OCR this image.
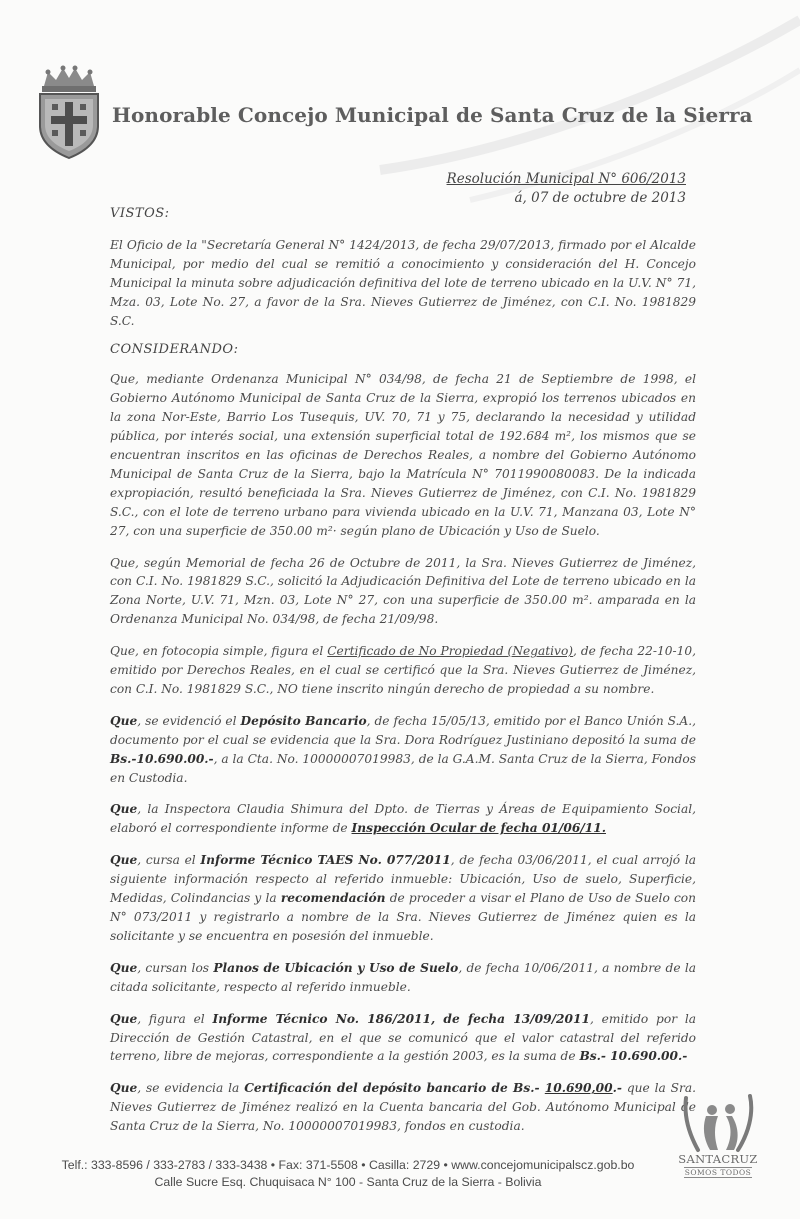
Honorable Concejo Municipal de Santa Cruz de la Sierra
Resolución Municipal N° 606/2013
á, 07 de octubre de 2013
VISTOS:

El Oficio de la "Secretaría General N° 1424/2013, de fecha 29/07/2013, firmado por el Alcalde Municipal, por medio del cual se remitió a conocimiento y consideración del H. Concejo Municipal la minuta sobre adjudicación definitiva del lote de terreno ubicado en la U.V. N° 71, Mza. 03, Lote No. 27, a favor de la Sra. Nieves Gutierrez de Jiménez, con C.I. No. 1981829 S.C.

CONSIDERANDO:

Que, mediante Ordenanza Municipal N° 034/98, de fecha 21 de Septiembre de 1998, el Gobierno Autónomo Municipal de Santa Cruz de la Sierra, expropió los terrenos ubicados en la zona Nor-Este, Barrio Los Tusequis, UV. 70, 71 y 75, declarando la necesidad y utilidad pública, por interés social, una extensión superficial total de 192.684 m², los mismos que se encuentran inscritos en las oficinas de Derechos Reales, a nombre del Gobierno Autónomo Municipal de Santa Cruz de la Sierra, bajo la Matrícula N° 7011990080083. De la indicada expropiación, resultó beneficiada la Sra. Nieves Gutierrez de Jiménez, con C.I. No. 1981829 S.C., con el lote de terreno urbano para vivienda ubicado en la U.V. 71, Manzana 03, Lote N° 27, con una superficie de 350.00 m²· según plano de Ubicación y Uso de Suelo.

Que, según Memorial de fecha 26 de Octubre de 2011, la Sra. Nieves Gutierrez de Jiménez, con C.I. No. 1981829 S.C., solicitó la Adjudicación Definitiva del Lote de terreno ubicado en la Zona Norte, U.V. 71, Mzn. 03, Lote N° 27, con una superficie de 350.00 m². amparada en la Ordenanza Municipal No. 034/98, de fecha 21/09/98.

Que, en fotocopia simple, figura el Certificado de No Propiedad (Negativo), de fecha 22-10-10, emitido por Derechos Reales, en el cual se certificó que la Sra. Nieves Gutierrez de Jiménez, con C.I. No. 1981829 S.C., NO tiene inscrito ningún derecho de propiedad a su nombre.

Que, se evidenció el Depósito Bancario, de fecha 15/05/13, emitido por el Banco Unión S.A., documento por el cual se evidencia que la Sra. Dora Rodríguez Justiniano depositó la suma de Bs.-10.690.00.-, a la Cta. No. 10000007019983, de la G.A.M. Santa Cruz de la Sierra, Fondos en Custodia.

Que, la Inspectora Claudia Shimura del Dpto. de Tierras y Áreas de Equipamiento Social, elaboró el correspondiente informe de Inspección Ocular de fecha 01/06/11.

Que, cursa el Informe Técnico TAES No. 077/2011, de fecha 03/06/2011, el cual arrojó la siguiente información respecto al referido inmueble: Ubicación, Uso de suelo, Superficie, Medidas, Colindancias y la recomendación de proceder a visar el Plano de Uso de Suelo con N° 073/2011 y registrarlo a nombre de la Sra. Nieves Gutierrez de Jiménez quien es la solicitante y se encuentra en posesión del inmueble.

Que, cursan los Planos de Ubicación y Uso de Suelo, de fecha 10/06/2011, a nombre de la citada solicitante, respecto al referido inmueble.

Que, figura el Informe Técnico No. 186/2011, de fecha 13/09/2011, emitido por la Dirección de Gestión Catastral, en el que se comunicó que el valor catastral del referido terreno, libre de mejoras, correspondiente a la gestión 2003, es la suma de Bs.- 10.690.00.-

Que, se evidencia la Certificación del depósito bancario de Bs.- 10.690,00.- que la Sra. Nieves Gutierrez de Jiménez realizó en la Cuenta bancaria del Gob. Autónomo Municipal de Santa Cruz de la Sierra, No. 10000007019983, fondos en custodia.

Telf.: 333-8596 / 333-2783 / 333-3438 • Fax: 371-5508 • Casilla: 2729 • www.concejomunicipalscz.gob.bo
Calle Sucre Esq. Chuquisaca N° 100 - Santa Cruz de la Sierra - Bolivia
SANTACRUZ
SOMOS TODOS
